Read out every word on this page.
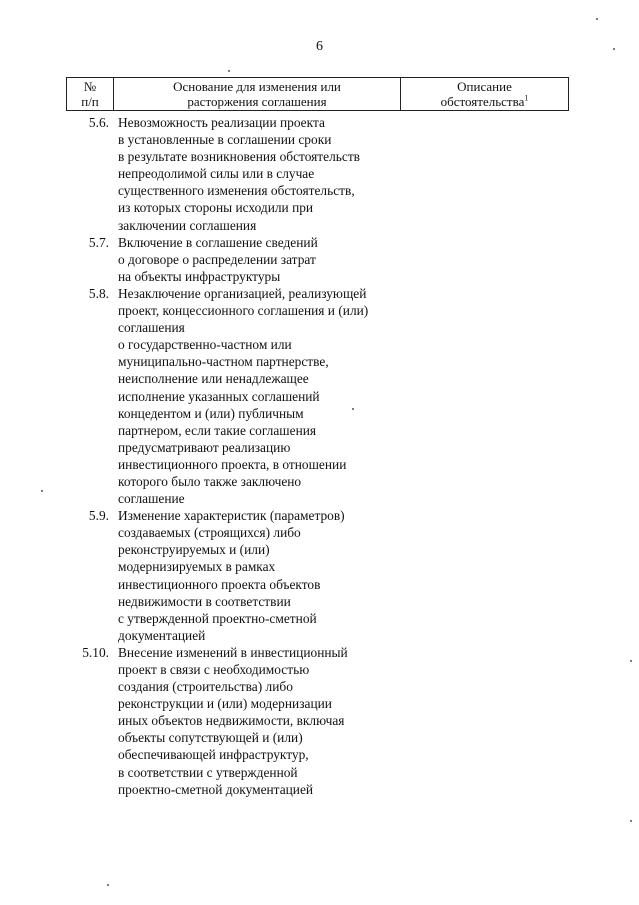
6
№
п/п
Основание для изменения или
расторжения соглашения
Описание
обстоятельства$^1$
5.6. Невозможность реализации проекта
в установленные в соглашении сроки
в результате возникновения обстоятельств
непреодолимой силы или в случае
существенного изменения обстоятельств,
из которых стороны исходили при
заключении соглашения
5.7. Включение в соглашение сведений
о договоре о распределении затрат
на объекты инфраструктуры
5.8. Незаключение организацией, реализующей
проект, концессионного соглашения и (или)
соглашения
о государственно-частном или
муниципально-частном партнерстве,
неисполнение или ненадлежащее
исполнение указанных соглашений
концедентом и (или) публичным
партнером, если такие соглашения
предусматривают реализацию
инвестиционного проекта, в отношении
которого было также заключено
соглашение
5.9. Изменение характеристик (параметров)
создаваемых (строящихся) либо
реконструируемых и (или)
модернизируемых в рамках
инвестиционного проекта объектов
недвижимости в соответствии
с утвержденной проектно-сметной
документацией
5.10. Внесение изменений в инвестиционный
проект в связи с необходимостью
создания (строительства) либо
реконструкции и (или) модернизации
иных объектов недвижимости, включая
объекты сопутствующей и (или)
обеспечивающей инфраструктур,
в соответствии с утвержденной
проектно-сметной документацией
